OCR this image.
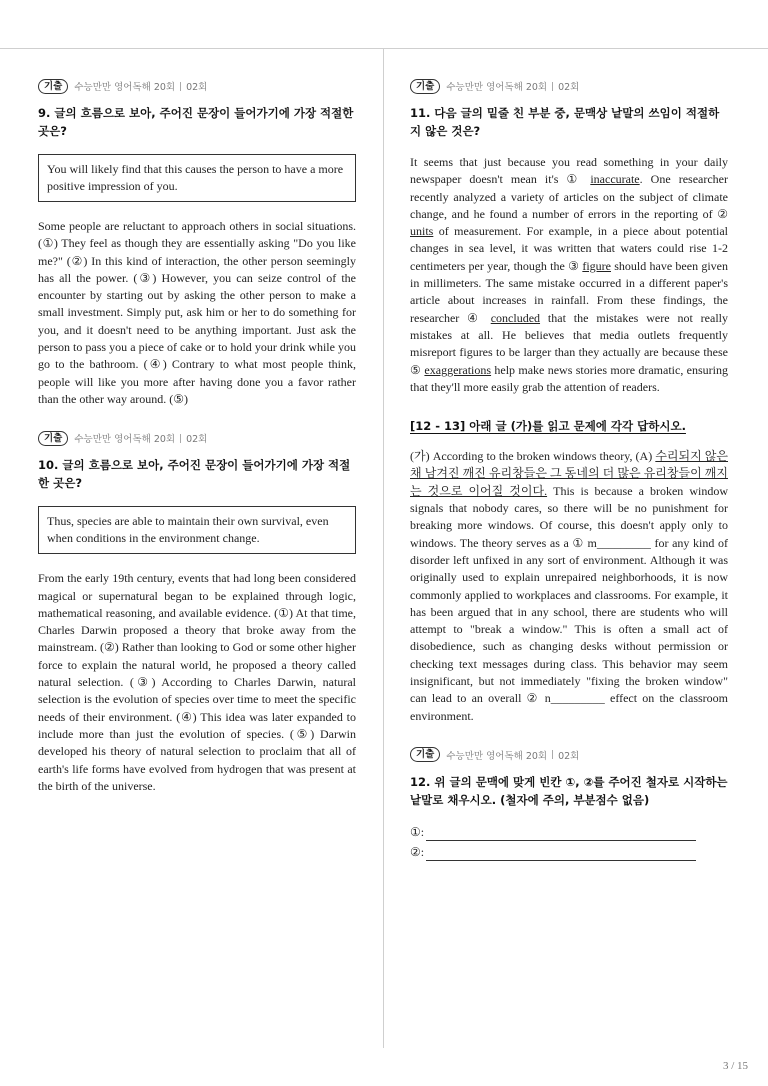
기출	수능만만 영어독해 20회 02회

9. 글의 흐름으로 보아, 주어진 문장이 들어가기에 가장 적절한 곳은?

You will likely find that this causes the person to have a more positive impression of you.

Some people are reluctant to approach others in social situations. (①) They feel as though they are essentially asking "Do you like me?" (②) In this kind of interaction, the other person seemingly has all the power. (③) However, you can seize control of the encounter by starting out by asking the other person to make a small investment. Simply put, ask him or her to do something for you, and it doesn't need to be anything important. Just ask the person to pass you a piece of cake or to hold your drink while you go to the bathroom. (④) Contrary to what most people think, people will like you more after having done you a favor rather than the other way around. (⑤)

기출	수능만만 영어독해 20회 02회

10. 글의 흐름으로 보아, 주어진 문장이 들어가기에 가장 적절한 곳은?

Thus, species are able to maintain their own survival, even when conditions in the environment change.

From the early 19th century, events that had long been considered magical or supernatural began to be explained through logic, mathematical reasoning, and available evidence. (①) At that time, Charles Darwin proposed a theory that broke away from the mainstream. (②) Rather than looking to God or some other higher force to explain the natural world, he proposed a theory called natural selection. (③) According to Charles Darwin, natural selection is the evolution of species over time to meet the specific needs of their environment. (④) This idea was later expanded to include more than just the evolution of species. (⑤) Darwin developed his theory of natural selection to proclaim that all of earth's life forms have evolved from hydrogen that was present at the birth of the universe.

기출	수능만만 영어독해 20회 02회

11. 다음 글의 밑줄 친 부분 중, 문맥상 낱말의 쓰임이 적절하지 않은 것은?

It seems that just because you read something in your daily newspaper doesn't mean it's ① inaccurate. One researcher recently analyzed a variety of articles on the subject of climate change, and he found a number of errors in the reporting of ② units of measurement. For example, in a piece about potential changes in sea level, it was written that waters could rise 1-2 centimeters per year, though the ③ figure should have been given in millimeters. The same mistake occurred in a different paper's article about increases in rainfall. From these findings, the researcher ④ concluded that the mistakes were not really mistakes at all. He believes that media outlets frequently misreport figures to be larger than they actually are because these ⑤ exaggerations help make news stories more dramatic, ensuring that they'll more easily grab the attention of readers.

[12 - 13] 아래 글 (가)를 읽고 문제에 각각 답하시오.

(가) According to the broken windows theory, (A) 수리되지 않은 채 남겨진 깨진 유리창들은 그 동네의 더 많은 유리창들이 깨지는 것으로 이어질 것이다. This is because a broken window signals that nobody cares, so there will be no punishment for breaking more windows. Of course, this doesn't apply only to windows. The theory serves as a ① m_________ for any kind of disorder left unfixed in any sort of environment. Although it was originally used to explain unrepaired neighborhoods, it is now commonly applied to workplaces and classrooms. For example, it has been argued that in any school, there are students who will attempt to "break a window." This is often a small act of disobedience, such as changing desks without permission or checking text messages during class. This behavior may seem insignificant, but not immediately "fixing the broken window" can lead to an overall ② n_________ effect on the classroom environment.

기출	수능만만 영어독해 20회 02회

12. 위 글의 문맥에 맞게 빈칸 ①, ②를 주어진 철자로 시작하는 낱말로 채우시오. (철자에 주의, 부분점수 없음)

①:
②:
3 / 15
